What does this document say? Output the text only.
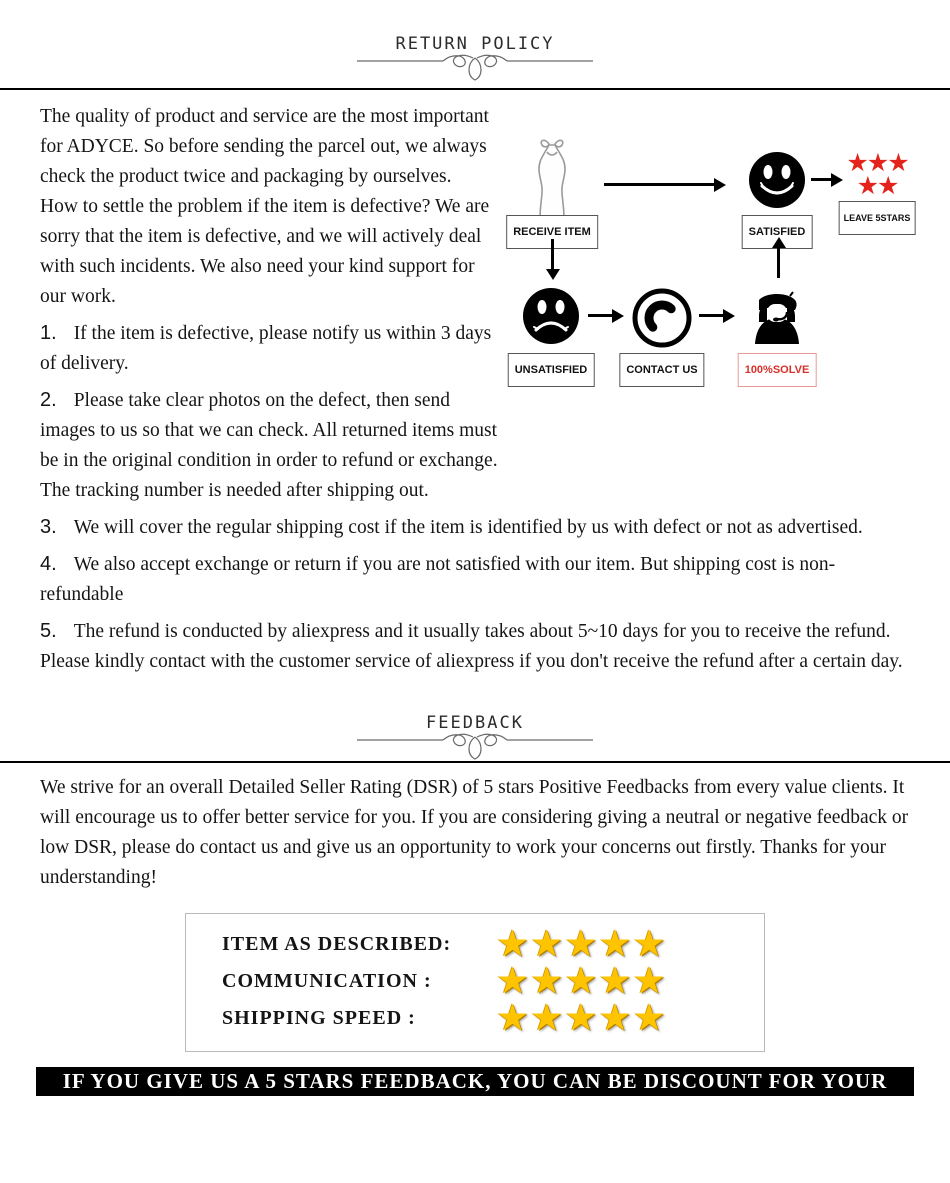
RETURN POLICY
RECEIVE ITEM	SATISFIED
★★★
★★
LEAVE 5STARS
UNSATISFIED	CONTACT US	100%SOLVE

The quality of product and service are the most important for ADYCE. So before sending the parcel out, we always check the product twice and packaging by ourselves.

How to settle the problem if the item is defective? We are sorry that the item is defective, and we will actively deal with such incidents. We also need your kind support for our work.

1. If the item is defective, please notify us within 3 days of delivery.
2. Please take clear photos on the defect, then send images to us so that we can check. All returned items must be in the original condition in order to refund or exchange. The tracking number is needed after shipping out.
3. We will cover the regular shipping cost if the item is identified by us with defect or not as advertised.
4. We also accept exchange or return if you are not satisfied with our item. But shipping cost is non-refundable
5. The refund is conducted by aliexpress and it usually takes about 5~10 days for you to receive the refund. Please kindly contact with the customer service of aliexpress if you don't receive the refund after a certain day.
FEEDBACK

We strive for an overall Detailed Seller Rating (DSR) of 5 stars Positive Feedbacks from every value clients. It will encourage us to offer better service for you. If you are considering giving a neutral or negative feedback or low DSR, please do contact us and give us an opportunity to work your concerns out firstly. Thanks for your understanding!

ITEM AS DESCRIBED:	★★★★★
COMMUNICATION :	★★★★★
SHIPPING SPEED :	★★★★★
IF YOU GIVE US A 5 STARS FEEDBACK, YOU CAN BE DISCOUNT FOR YOUR NEXT ORDER
